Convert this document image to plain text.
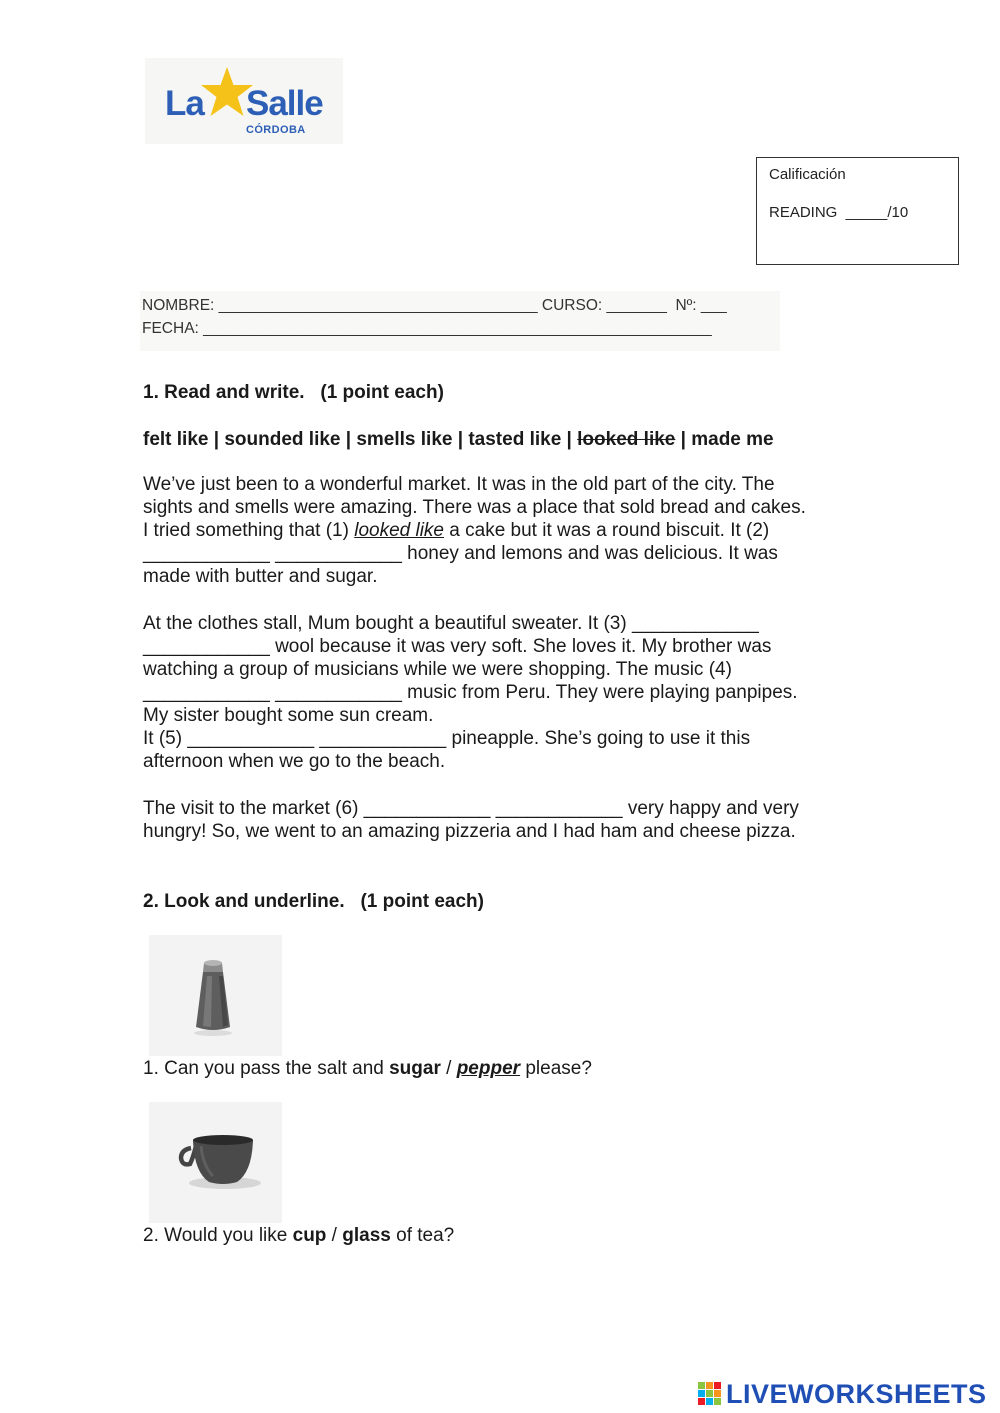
La Salle
CÓRDOBA
Calificación
READING  _____/10
NOMBRE: _____________________________________ CURSO: _______  Nº: ___
FECHA: ___________________________________________________________
1. Read and write.   (1 point each)
felt like | sounded like | smells like | tasted like | looked like | made me
We’ve just been to a wonderful market. It was in the old part of the city. The
sights and smells were amazing. There was a place that sold bread and cakes.
I tried something that (1) looked like a cake but it was a round biscuit. It (2)
____________ ____________ honey and lemons and was delicious. It was
made with butter and sugar.
At the clothes stall, Mum bought a beautiful sweater. It (3) ____________
____________ wool because it was very soft. She loves it. My brother was
watching a group of musicians while we were shopping. The music (4)
____________ ____________ music from Peru. They were playing panpipes.
My sister bought some sun cream.
It (5) ____________ ____________ pineapple. She’s going to use it this
afternoon when we go to the beach.
The visit to the market (6) ____________ ____________ very happy and very
hungry! So, we went to an amazing pizzeria and I had ham and cheese pizza.
2. Look and underline.   (1 point each)
1. Can you pass the salt and sugar / pepper please?
2. Would you like cup / glass of tea?
LIVEWORKSHEETS
